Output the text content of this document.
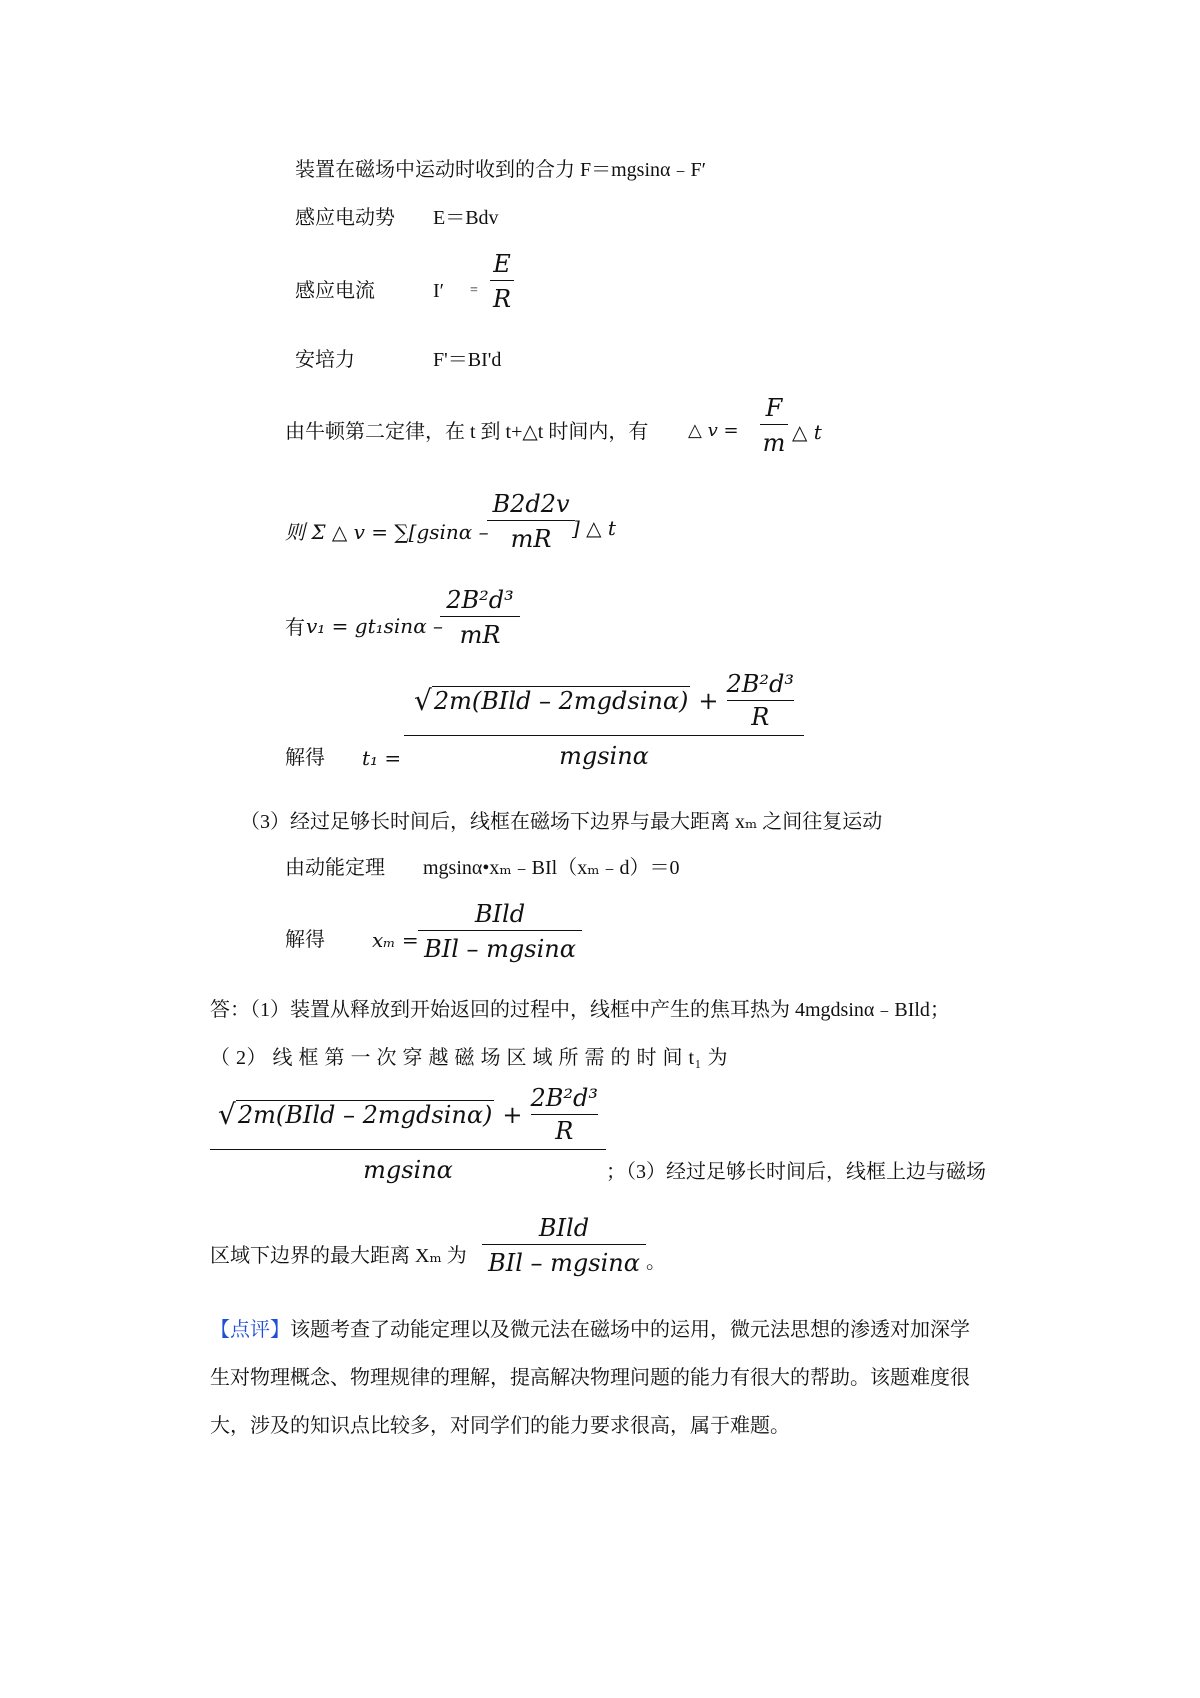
装置在磁场中运动时收到的合力 F＝mgsinα﹣F′
感应电动势 E＝Bdv
感应电流	I′ =
E
R
安培力	F'＝BI'd
由牛顿第二定律，在 t 到 t+△t 时间内，有 △ v =
F
m △ t
则 Σ △ v = ∑[gsinα –
B2d2v
mR ] △ t
有 v₁ = gt₁sinα –
2B²d³
mR
解得 t₁ =
√ 2m(BIld – 2mgdsinα) +
2B²d³
R
mgsinα
（3）经过足够长时间后，线框在磁场下边界与最大距离 xₘ 之间往复运动
由动能定理 mgsinα•xₘ﹣BIl（xₘ﹣d）＝0
解得 xₘ =
BIld
BIl – mgsinα
答：（1）装置从释放到开始返回的过程中，线框中产生的焦耳热为 4mgdsinα﹣BIld；
（ 2） 线 框 第 一 次 穿 越 磁 场 区 域 所 需 的 时 间 t₁ 为
√ 2m(BIld – 2mgdsinα) +
2B²d³
R
mgsinα	；（3）经过足够长时间后，线框上边与磁场
区域下边界的最大距离 Xₘ 为
BIld
BIl – mgsinα 。
【点评】该题考查了动能定理以及微元法在磁场中的运用，微元法思想的渗透对加深学
生对物理概念、物理规律的理解，提高解决物理问题的能力有很大的帮助。该题难度很
大，涉及的知识点比较多，对同学们的能力要求很高，属于难题。
